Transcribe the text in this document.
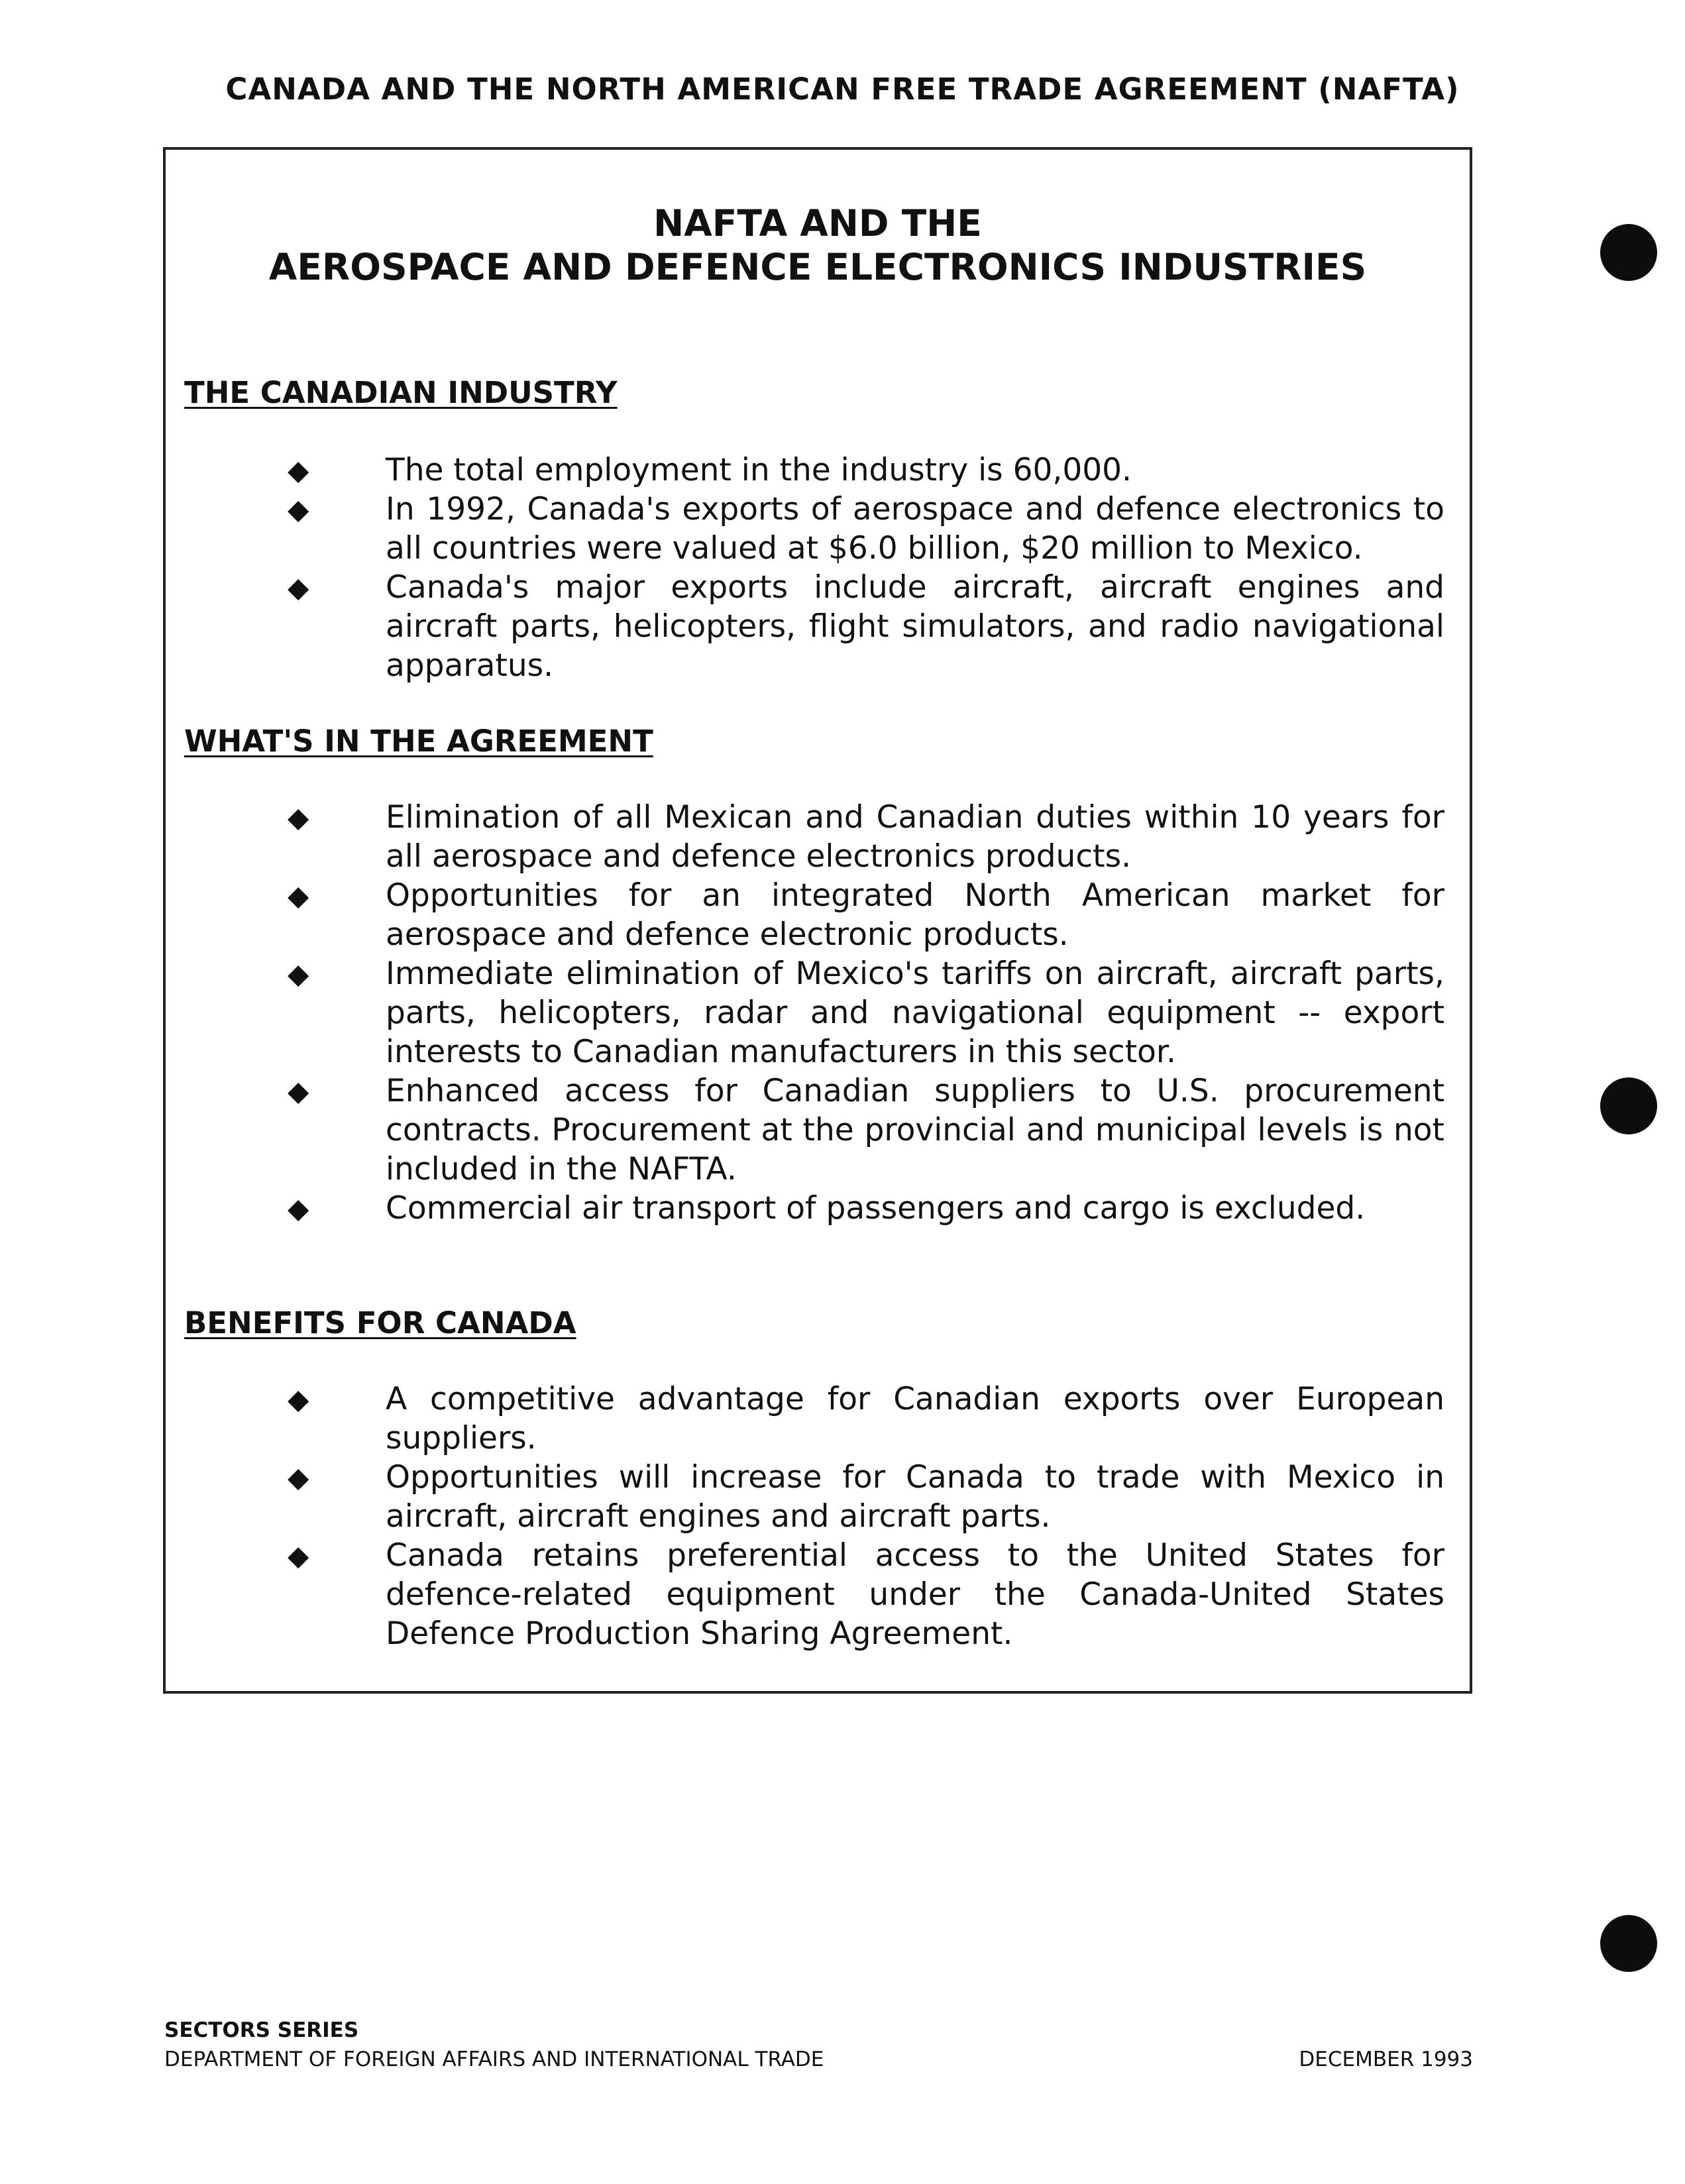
CANADA AND THE NORTH AMERICAN FREE TRADE AGREEMENT (NAFTA)
NAFTA AND THE
AEROSPACE AND DEFENCE ELECTRONICS INDUSTRIES
THE CANADIAN INDUSTRY
◆ The total employment in the industry is 60,000.
◆ In 1992, Canada's exports of aerospace and defence electronics to all countries were valued at $6.0 billion, $20 million to Mexico.
◆ Canada's major exports include aircraft, aircraft engines and aircraft parts, helicopters, flight simulators, and radio navigational apparatus.
WHAT'S IN THE AGREEMENT
◆ Elimination of all Mexican and Canadian duties within 10 years for all aerospace and defence electronics products.
◆ Opportunities for an integrated North American market for aerospace and defence electronic products.
◆ Immediate elimination of Mexico's tariffs on aircraft, aircraft parts, parts, helicopters, radar and navigational equipment -- export interests to Canadian manufacturers in this sector.
◆ Enhanced access for Canadian suppliers to U.S. procurement contracts. Procurement at the provincial and municipal levels is not included in the NAFTA.
◆ Commercial air transport of passengers and cargo is excluded.
BENEFITS FOR CANADA
◆ A competitive advantage for Canadian exports over European suppliers.
◆ Opportunities will increase for Canada to trade with Mexico in aircraft, aircraft engines and aircraft parts.
◆ Canada retains preferential access to the United States for defence-related equipment under the Canada-United States Defence Production Sharing Agreement.
SECTORS SERIES
DEPARTMENT OF FOREIGN AFFAIRS AND INTERNATIONAL TRADE	DECEMBER 1993
